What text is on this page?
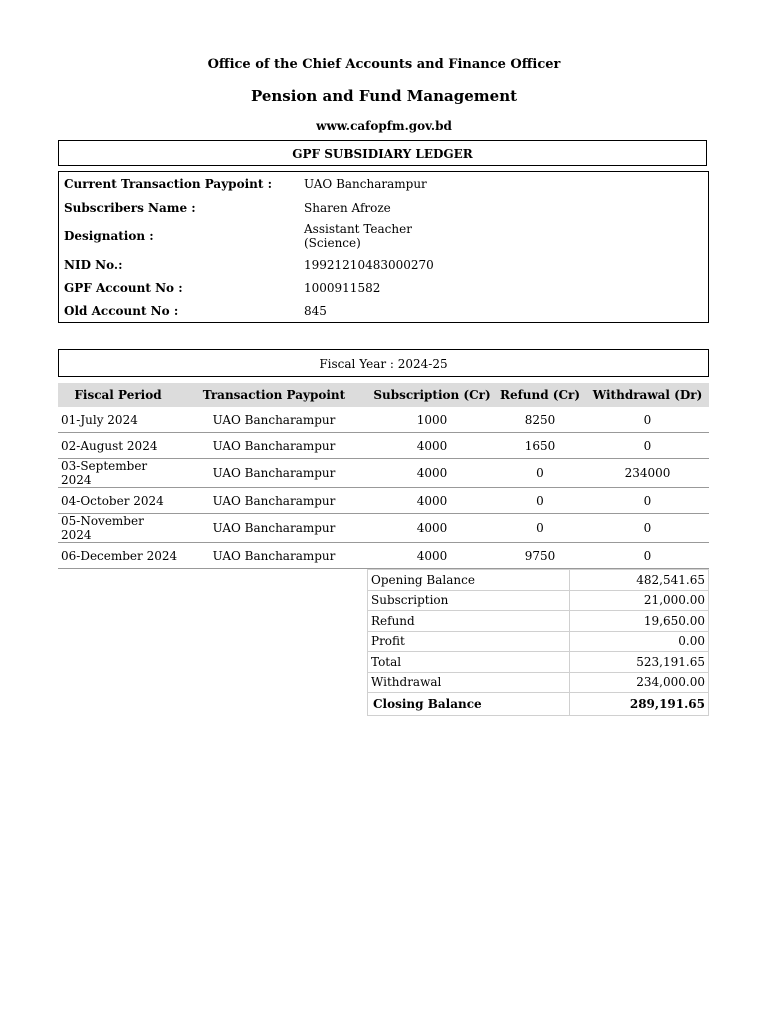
Office of the Chief Accounts and Finance Officer
Pension and Fund Management
www.cafopfm.gov.bd
GPF SUBSIDIARY LEDGER
Current Transaction Paypoint :	UAO Bancharampur
Subscribers Name :	Sharen Afroze
Designation :	Assistant Teacher
(Science)
NID No.:	19921210483000270
GPF Account No :	1000911582
Old Account No :	845
Fiscal Year : 2024-25
Fiscal Period	Transaction Paypoint	Subscription (Cr)	Refund (Cr)	Withdrawal (Dr)
01-July 2024	UAO Bancharampur	1000	8250	0
02-August 2024	UAO Bancharampur	4000	1650	0
03-September 2024	UAO Bancharampur	4000	0	234000
04-October 2024	UAO Bancharampur	4000	0	0
05-November 2024	UAO Bancharampur	4000	0	0
06-December 2024	UAO Bancharampur	4000	9750	0
Opening Balance	482,541.65
Subscription	21,000.00
Refund	19,650.00
Profit	0.00
Total	523,191.65
Withdrawal	234,000.00
Closing Balance	289,191.65
